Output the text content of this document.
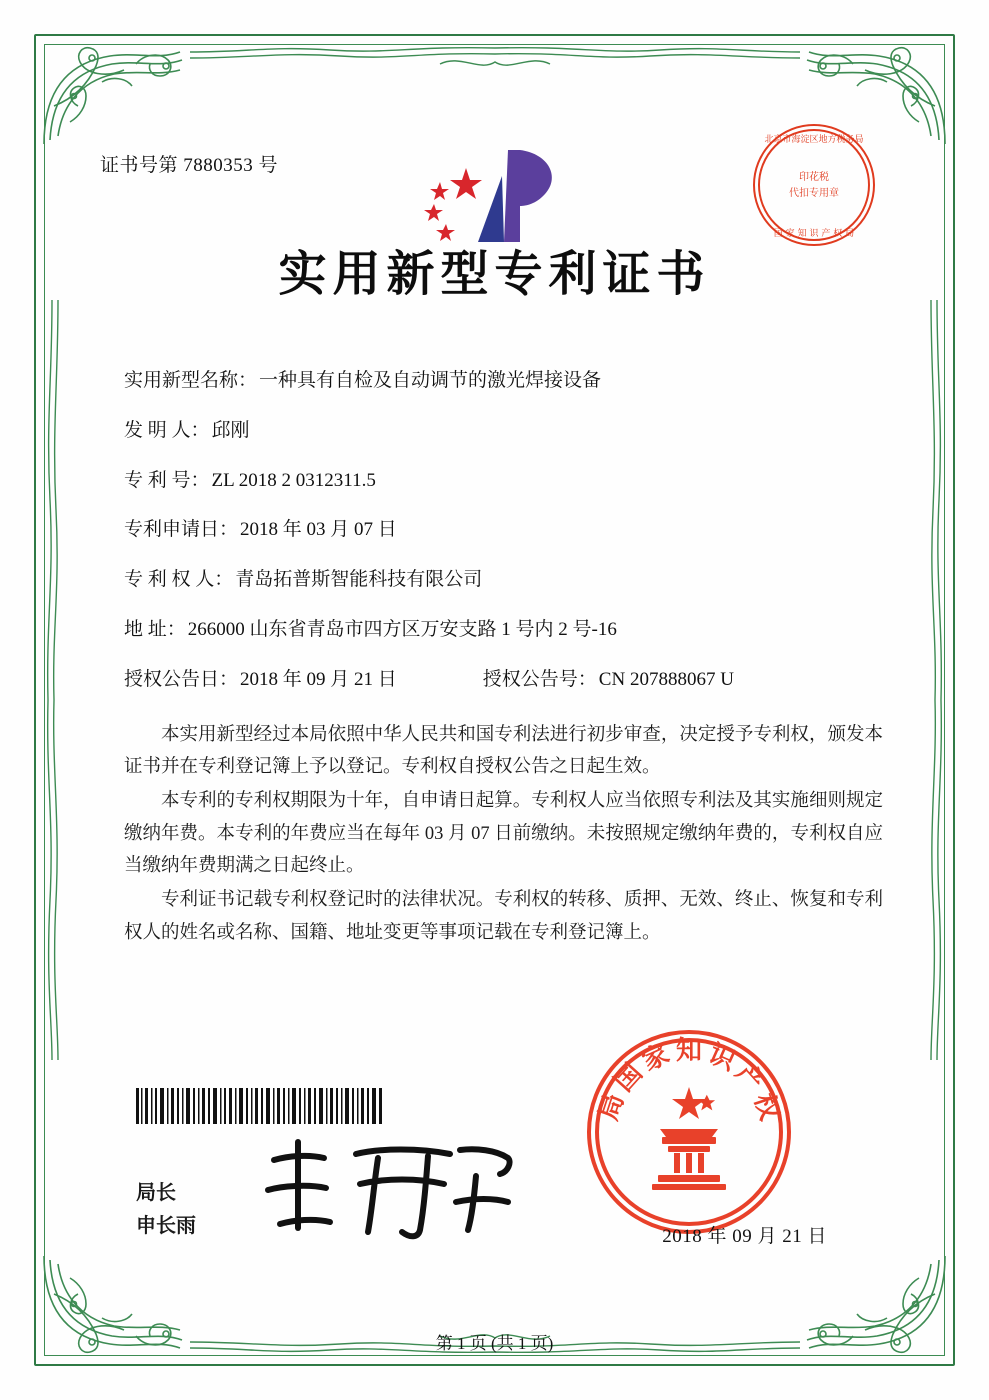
证书号第 7880353 号
北京市海淀区地方税务局
印花税
代扣专用章
国 家 知 识 产 权 局
实用新型专利证书
实用新型名称： 一种具有自检及自动调节的激光焊接设备
发 明 人： 邱刚
专 利 号： ZL 2018 2 0312311.5
专利申请日： 2018 年 03 月 07 日
专 利 权 人： 青岛拓普斯智能科技有限公司
地 址： 266000 山东省青岛市四方区万安支路 1 号内 2 号-16
授权公告日： 2018 年 09 月 21 日	授权公告号： CN 207888067 U

本实用新型经过本局依照中华人民共和国专利法进行初步审查，决定授予专利权，颁发本证书并在专利登记簿上予以登记。专利权自授权公告之日起生效。

本专利的专利权期限为十年，自申请日起算。专利权人应当依照专利法及其实施细则规定缴纳年费。本专利的年费应当在每年 03 月 07 日前缴纳。未按照规定缴纳年费的，专利权自应当缴纳年费期满之日起终止。

专利证书记载专利权登记时的法律状况。专利权的转移、质押、无效、终止、恢复和专利权人的姓名或名称、国籍、地址变更等事项记载在专利登记簿上。

局长
申长雨
国
家 知 识
产
权
局
2018 年 09 月 21 日
第 1 页 (共 1 页)
